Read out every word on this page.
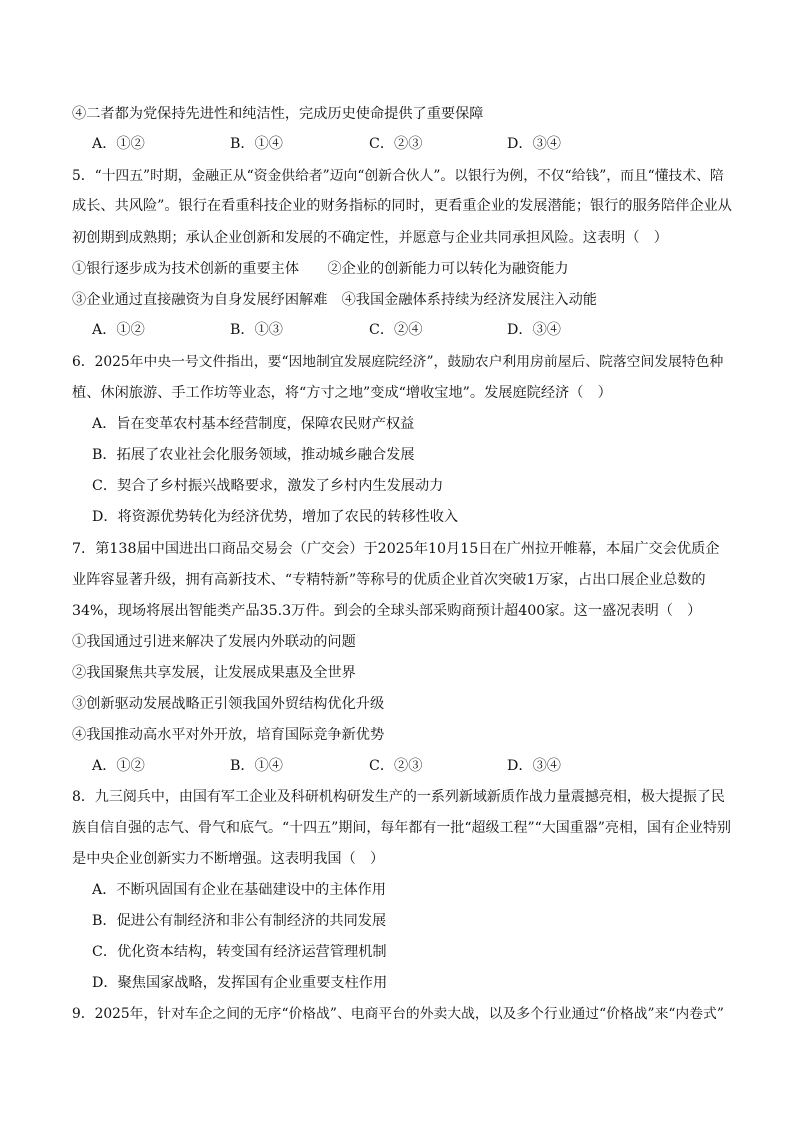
④二者都为党保持先进性和纯洁性，完成历史使命提供了重要保障
A．①②	B．①④	C．②③	D．③④
5．“十四五”时期，金融正从“资金供给者”迈向“创新合伙人”。以银行为例，不仅“给钱”，而且“懂技术、陪
成长、共风险”。银行在看重科技企业的财务指标的同时，更看重企业的发展潜能；银行的服务陪伴企业从
初创期到成熟期；承认企业创新和发展的不确定性，并愿意与企业共同承担风险。这表明（　）
①银行逐步成为技术创新的重要主体　　②企业的创新能力可以转化为融资能力
③企业通过直接融资为自身发展纾困解难　④我国金融体系持续为经济发展注入动能
A．①②	B．①③	C．②④	D．③④
6．2025年中央一号文件指出，要“因地制宜发展庭院经济”，鼓励农户利用房前屋后、院落空间发展特色种
植、休闲旅游、手工作坊等业态，将“方寸之地”变成“增收宝地”。发展庭院经济（　）
A．旨在变革农村基本经营制度，保障农民财产权益
B．拓展了农业社会化服务领域，推动城乡融合发展
C．契合了乡村振兴战略要求，激发了乡村内生发展动力
D．将资源优势转化为经济优势，增加了农民的转移性收入
7．第138届中国进出口商品交易会（广交会）于2025年10月15日在广州拉开帷幕，本届广交会优质企
业阵容显著升级，拥有高新技术、“专精特新”等称号的优质企业首次突破1万家，占出口展企业总数的
34%，现场将展出智能类产品35.3万件。到会的全球头部采购商预计超400家。这一盛况表明（　）
①我国通过引进来解决了发展内外联动的问题
②我国聚焦共享发展，让发展成果惠及全世界
③创新驱动发展战略正引领我国外贸结构优化升级
④我国推动高水平对外开放，培育国际竞争新优势
A．①②	B．①④	C．②③	D．③④
8．九三阅兵中，由国有军工企业及科研机构研发生产的一系列新域新质作战力量震撼亮相，极大提振了民
族自信自强的志气、骨气和底气。“十四五”期间，每年都有一批“超级工程”“大国重器”亮相，国有企业特别
是中央企业创新实力不断增强。这表明我国（　）
A．不断巩固国有企业在基础建设中的主体作用
B．促进公有制经济和非公有制经济的共同发展
C．优化资本结构，转变国有经济运营管理机制
D．聚焦国家战略，发挥国有企业重要支柱作用
9．2025年，针对车企之间的无序“价格战”、电商平台的外卖大战，以及多个行业通过“价格战”来“内卷式”
